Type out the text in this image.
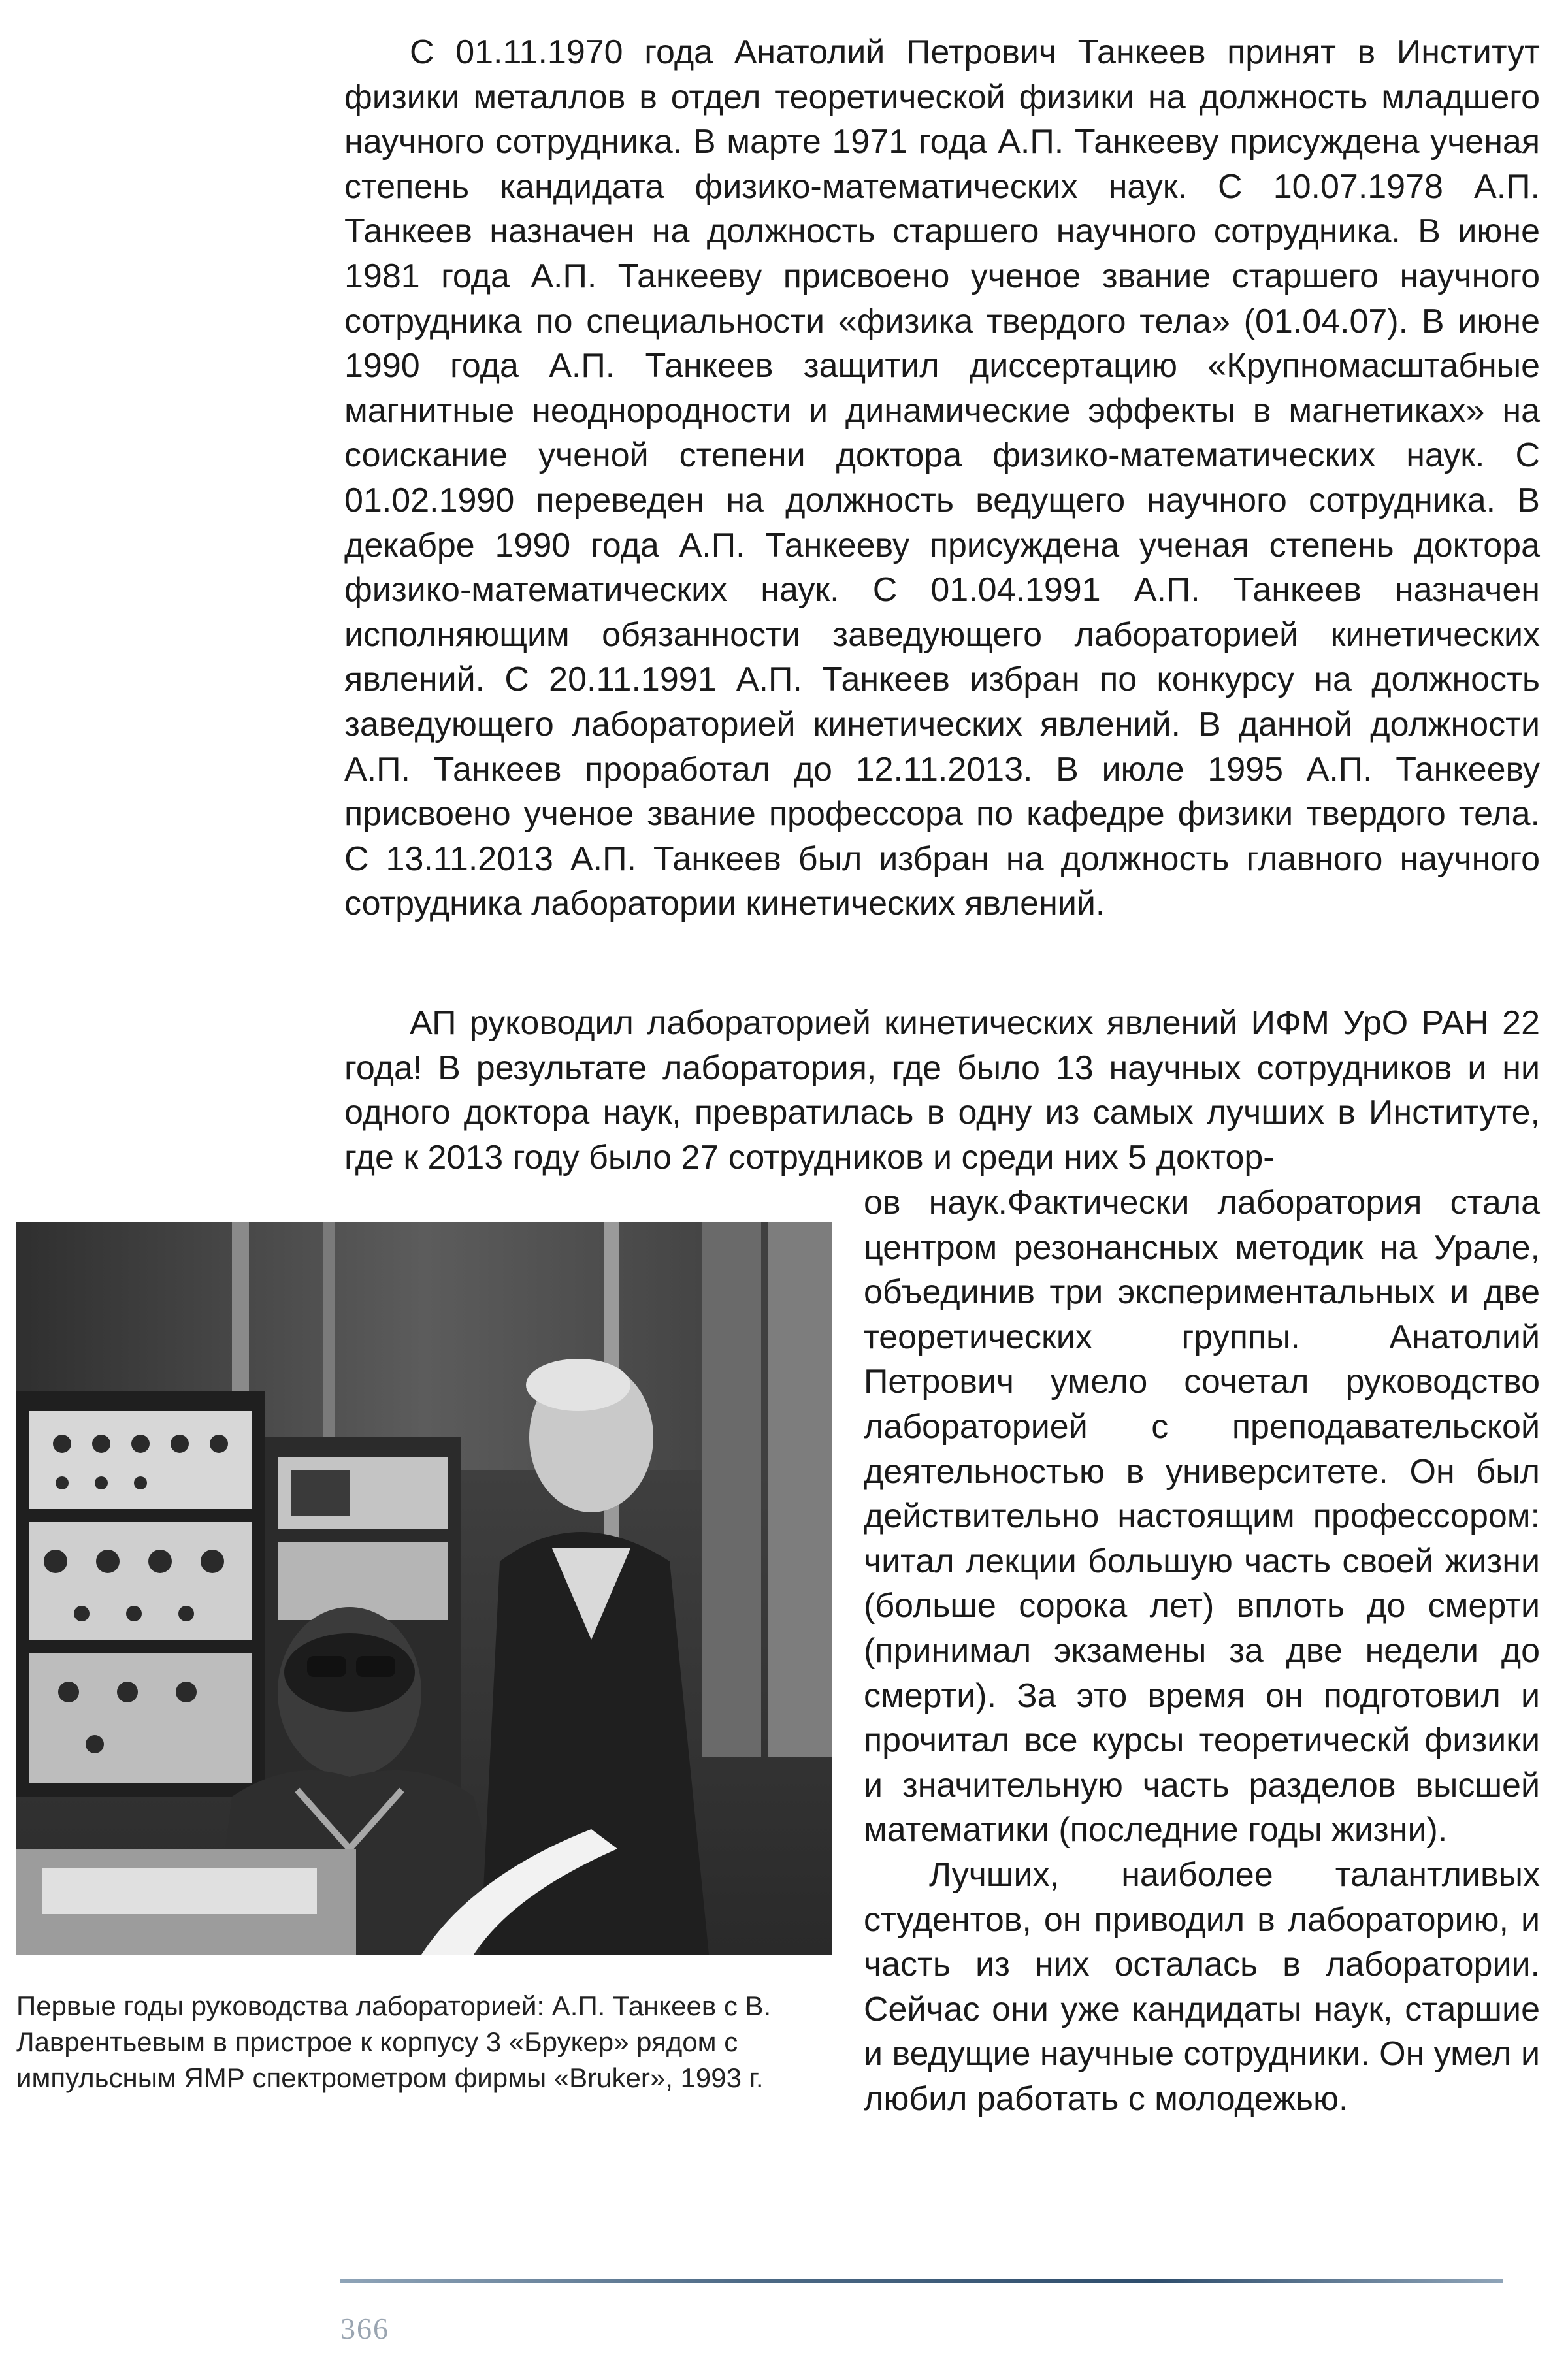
С 01.11.1970 года Анатолий Петрович Танкеев принят в Институт физики металлов в отдел теоретической физики на должность младшего научного сотрудника. В марте 1971 года А.П. Танкееву присуждена ученая степень кандидата физико-математических наук. С 10.07.1978 А.П. Танкеев назначен на должность старшего научного сотрудника. В июне 1981 года А.П. Танкееву присвоено ученое звание старшего научного сотрудника по специальности «физика твердого тела» (01.04.07). В июне 1990 года А.П. Танкеев защитил диссертацию «Крупномасштабные магнитные неоднородности и динамические эффекты в магнетиках» на соискание ученой степени доктора физико-математических наук. С 01.02.1990 переведен на должность ведущего научного сотрудника. В декабре 1990 года А.П. Танкееву присуждена ученая степень доктора физико-математических наук. С 01.04.1991 А.П. Танкеев назначен исполняющим обязанности заведующего лабораторией кинетических явлений. С 20.11.1991 А.П. Танкеев избран по конкурсу на должность заведующего лабораторией кинетических явлений. В данной должности А.П. Танкеев проработал до 12.11.2013. В июле 1995 А.П. Танкееву присвоено ученое звание профессора по кафедре физики твердого тела. С 13.11.2013 А.П. Танкеев был избран на должность главного научного сотрудника лаборатории кинетических явлений.

АП руководил лабораторией кинетических явлений ИФМ УрО РАН 22 года! В результате лаборатория, где было 13 научных сотрудников и ни одного доктора наук, превратилась в одну из самых лучших в Институте, где к 2013 году было 27 сотрудников и среди них 5 доктор-

Первые годы руководства лабораторией: А.П. Танкеев с В. Лаврентьевым в пристрое к корпусу 3 «Брукер» рядом с импульсным ЯМР спектрометром фирмы «Bruker», 1993 г.

ов наук.Фактически лаборатория стала центром резонансных методик на Урале, объединив три экспериментальных и две теоретических группы. Анатолий Петрович умело сочетал руководство лабораторией с преподавательской деятельностью в университете. Он был действительно настоящим профессором: читал лекции большую часть своей жизни (больше сорока лет) вплоть до смерти (принимал экзамены за две недели до смерти). За это время он подготовил и прочитал все курсы теоретическй физики и значительную часть разделов высшей математики (последние годы жизни).

Лучших, наиболее талантливых студентов, он приводил в лабораторию, и часть из них осталась в лаборатории. Сейчас они уже кандидаты наук, старшие и ведущие научные сотрудники. Он умел и любил работать с молодежью.

366
